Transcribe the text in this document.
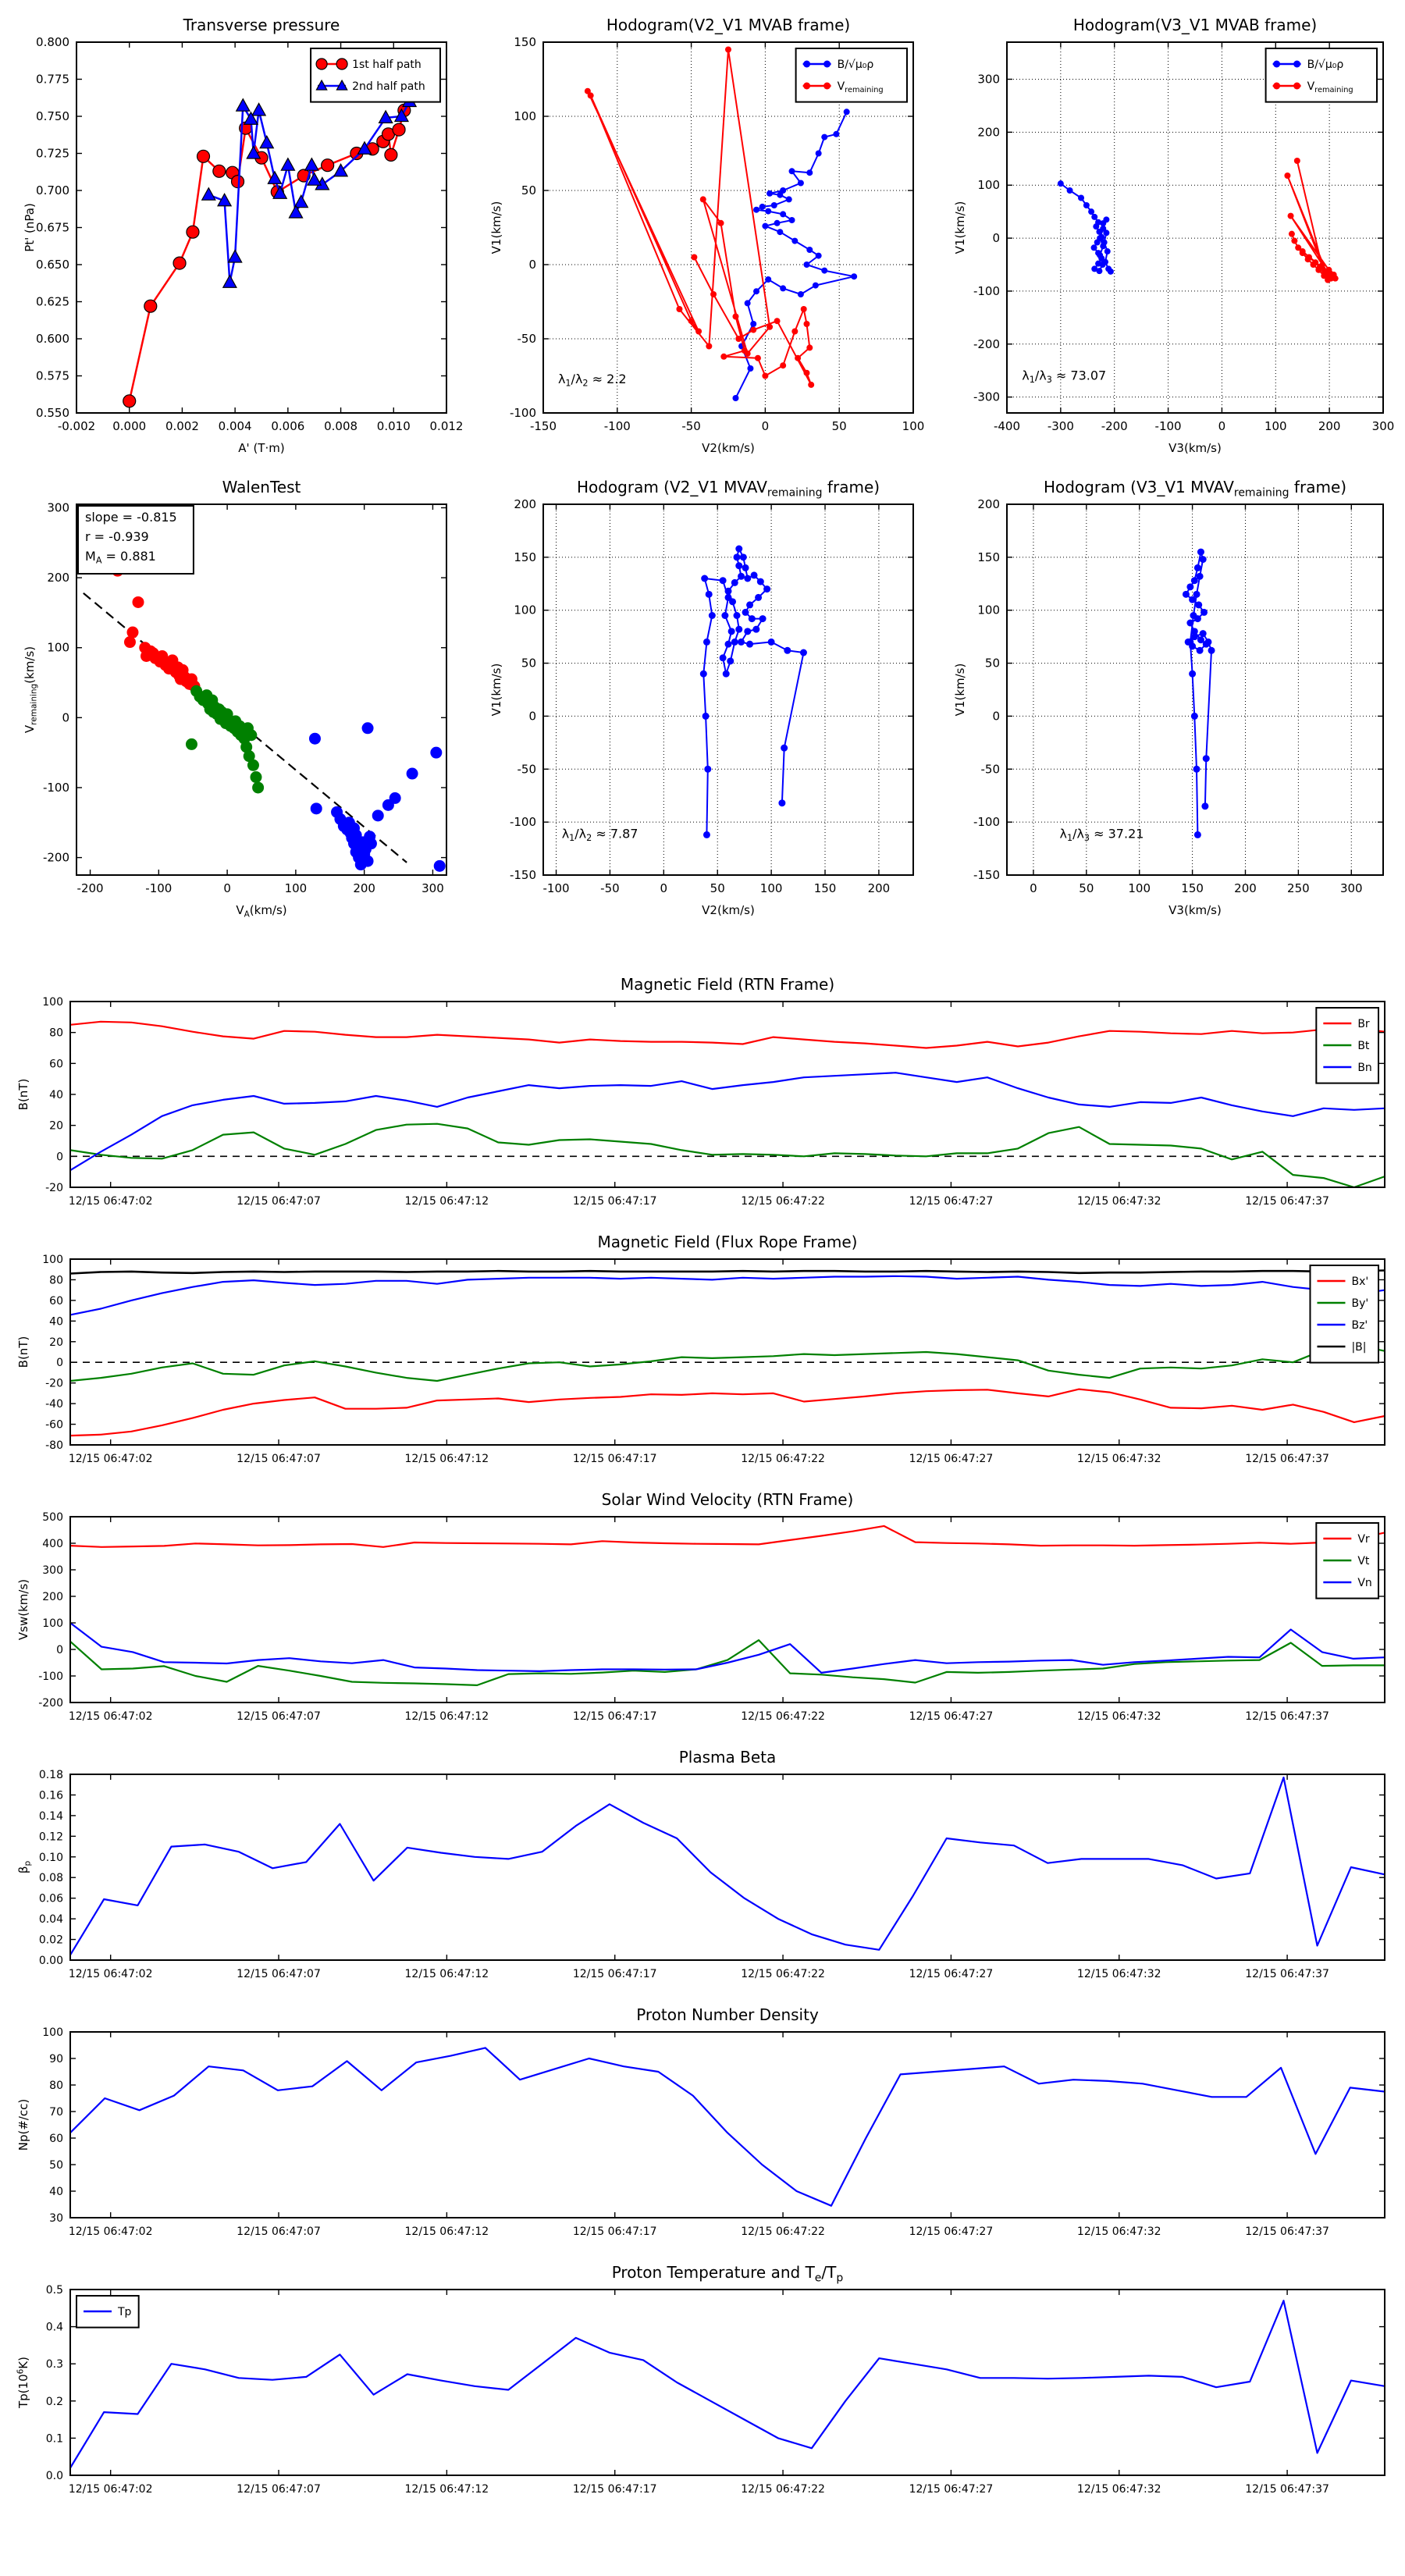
-0.002 0.000 0.002 0.004 0.006 0.008 0.010 0.012
0.550
0.575
0.600
0.625
0.650
0.675
0.700
0.725
0.750
0.775
0.800
Transverse pressure
A' (T·m)
Pt' (nPa)
1st half path
2nd half path
-150	-100	-50	0	50	100
-100
-50
0
50
100
150
Hodogram(V2_V1 MVAB frame)
V2(km/s)
V1(km/s)
$\lambda_1/\lambda_2 \approx 2.2$
B/√μ₀ρ
$V_{remaining}$
-400 -300 -200 -100	0	100	200	300
-300
-200
-100
0
100
200
300
Hodogram(V3_V1 MVAB frame)
V3(km/s)
V1(km/s)
$\lambda_1/\lambda_3 \approx 73.07$
B/√μ₀ρ
$V_{remaining}$
-200	-100	0	100	200	300
-200
-100
0
100
200
300
WalenTest
$V_A(km/s)$
$V_{remaining}(km/s)$
slope = -0.815
r = -0.939
$M_A = 0.881$
-100	-50	0	50	100	150	200
-150
-100
-50
0
50
100
150
200
Hodogram (V2_V1 $MVAV_{remaining}$ frame)
V2(km/s)
V1(km/s)
$\lambda_1/\lambda_2 \approx 7.87$
0	50	100	150	200	250	300
-150
-100
-50
0
50
100
150
200
Hodogram (V3_V1 $MVAV_{remaining}$ frame)
V3(km/s)
V1(km/s)
$\lambda_1/\lambda_3 \approx 37.21$
12/15 06:47:02	12/15 06:47:07	12/15 06:47:12	12/15 06:47:17	12/15 06:47:22	12/15 06:47:27	12/15 06:47:32	12/15 06:47:37
-20
0
20
40
60
80
100
Magnetic Field (RTN Frame)
B(nT)
Br
Bt
Bn
12/15 06:47:02	12/15 06:47:07	12/15 06:47:12	12/15 06:47:17	12/15 06:47:22	12/15 06:47:27	12/15 06:47:32	12/15 06:47:37
-80
-60
-40
-20
0
20
40
60
80
100
Magnetic Field (Flux Rope Frame)
B(nT)
Bx'
By'
Bz'
|B|
12/15 06:47:02	12/15 06:47:07	12/15 06:47:12	12/15 06:47:17	12/15 06:47:22	12/15 06:47:27	12/15 06:47:32	12/15 06:47:37
-200
-100
0
100
200
300
400
500
Solar Wind Velocity (RTN Frame)
Vsw(km/s)
Vr
Vt
Vn
12/15 06:47:02	12/15 06:47:07	12/15 06:47:12	12/15 06:47:17	12/15 06:47:22	12/15 06:47:27	12/15 06:47:32	12/15 06:47:37
0.00
0.02
0.04
0.06
0.08
0.10
0.12
0.14
0.16
0.18
Plasma Beta
$\beta_p$
12/15 06:47:02	12/15 06:47:07	12/15 06:47:12	12/15 06:47:17	12/15 06:47:22	12/15 06:47:27	12/15 06:47:32	12/15 06:47:37
30
40
50
60
70
80
90
100
Proton Number Density
Np(#/cc)
12/15 06:47:02	12/15 06:47:07	12/15 06:47:12	12/15 06:47:17	12/15 06:47:22	12/15 06:47:27	12/15 06:47:32	12/15 06:47:37
0.0
0.1
0.2
0.3
0.4
0.5
Proton Temperature and $T_e/T_p$
$Tp(10^6K)$
Tp
